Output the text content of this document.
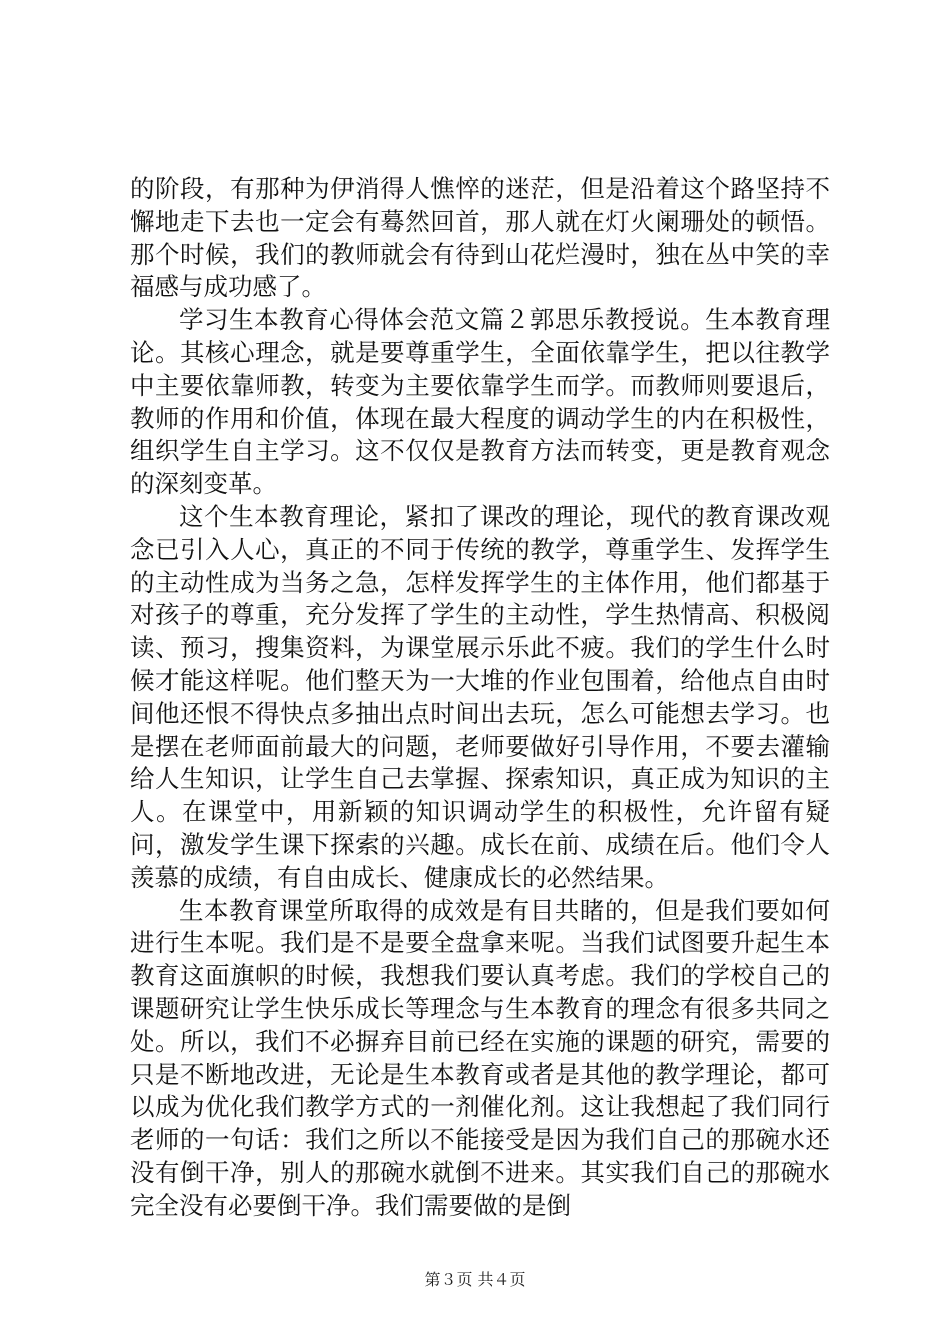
的阶段，有那种为伊消得人憔悴的迷茫，但是沿着这个路坚持不懈地走下去也一定会有蓦然回首，那人就在灯火阑珊处的顿悟。那个时候，我们的教师就会有待到山花烂漫时，独在丛中笑的幸福感与成功感了。

学习生本教育心得体会范文篇２郭思乐教授说。生本教育理论。其核心理念，就是要尊重学生，全面依靠学生，把以往教学中主要依靠师教，转变为主要依靠学生而学。而教师则要退后，教师的作用和价值，体现在最大程度的调动学生的内在积极性，组织学生自主学习。这不仅仅是教育方法而转变，更是教育观念的深刻变革。

这个生本教育理论，紧扣了课改的理论，现代的教育课改观念已引入人心，真正的不同于传统的教学，尊重学生、发挥学生的主动性成为当务之急，怎样发挥学生的主体作用，他们都基于对孩子的尊重，充分发挥了学生的主动性，学生热情高、积极阅读、预习，搜集资料，为课堂展示乐此不疲。我们的学生什么时候才能这样呢。他们整天为一大堆的作业包围着，给他点自由时间他还恨不得快点多抽出点时间出去玩，怎么可能想去学习。也是摆在老师面前最大的问题，老师要做好引导作用，不要去灌输给人生知识，让学生自己去掌握、探索知识，真正成为知识的主人。在课堂中，用新颖的知识调动学生的积极性，允许留有疑问，激发学生课下探索的兴趣。成长在前、成绩在后。他们令人羡慕的成绩，有自由成长、健康成长的必然结果。

生本教育课堂所取得的成效是有目共睹的，但是我们要如何进行生本呢。我们是不是要全盘拿来呢。当我们试图要升起生本教育这面旗帜的时候，我想我们要认真考虑。我们的学校自己的课题研究让学生快乐成长等理念与生本教育的理念有很多共同之处。所以，我们不必摒弃目前已经在实施的课题的研究，需要的只是不断地改进，无论是生本教育或者是其他的教学理论，都可以成为优化我们教学方式的一剂催化剂。这让我想起了我们同行老师的一句话：我们之所以不能接受是因为我们自己的那碗水还没有倒干净，别人的那碗水就倒不进来。其实我们自己的那碗水完全没有必要倒干净。我们需要做的是倒

第３页 共４页
